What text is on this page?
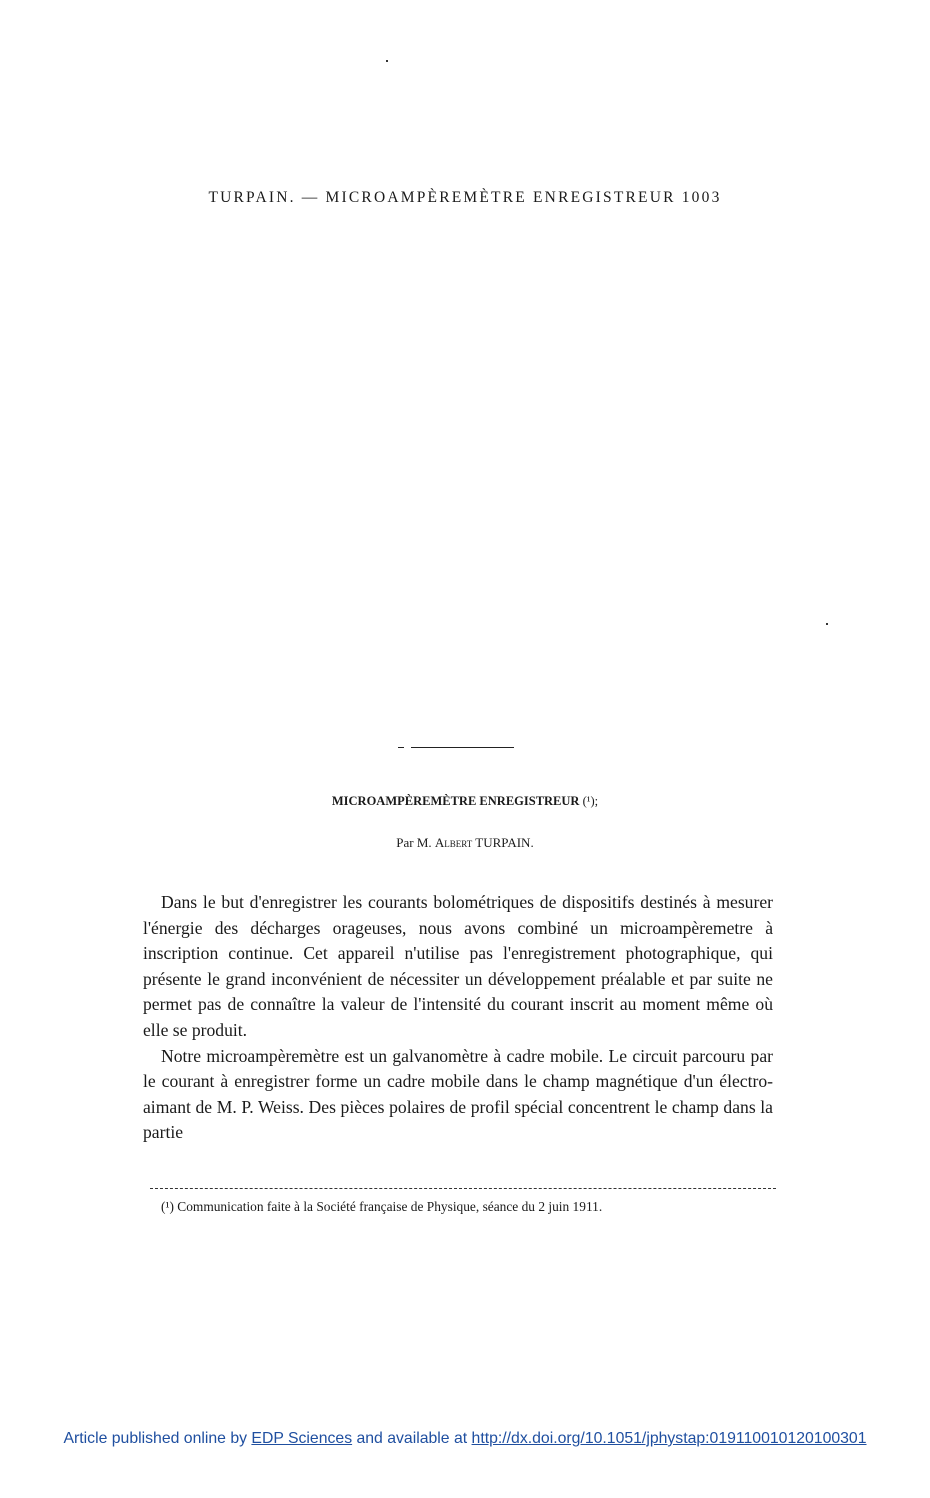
TURPAIN. — MICROAMPÈREMÈTRE ENREGISTREUR 1003
MICROAMPÈREMÈTRE ENREGISTREUR (¹);
Par M. Albert TURPAIN.

Dans le but d'enregistrer les courants bolométriques de dispositifs destinés à mesurer l'énergie des décharges orageuses, nous avons combiné un microampèremetre à inscription continue. Cet appareil n'utilise pas l'enregistrement photographique, qui présente le grand inconvénient de nécessiter un développement préalable et par suite ne permet pas de connaître la valeur de l'intensité du courant inscrit au moment même où elle se produit.

Notre microampèremètre est un galvanomètre à cadre mobile. Le circuit parcouru par le courant à enregistrer forme un cadre mobile dans le champ magnétique d'un électro-aimant de M. P. Weiss. Des pièces polaires de profil spécial concentrent le champ dans la partie

(¹) Communication faite à la Société française de Physique, séance du 2 juin 1911.

Article published online by EDP Sciences and available at http://dx.doi.org/10.1051/jphystap:019110010120100301
